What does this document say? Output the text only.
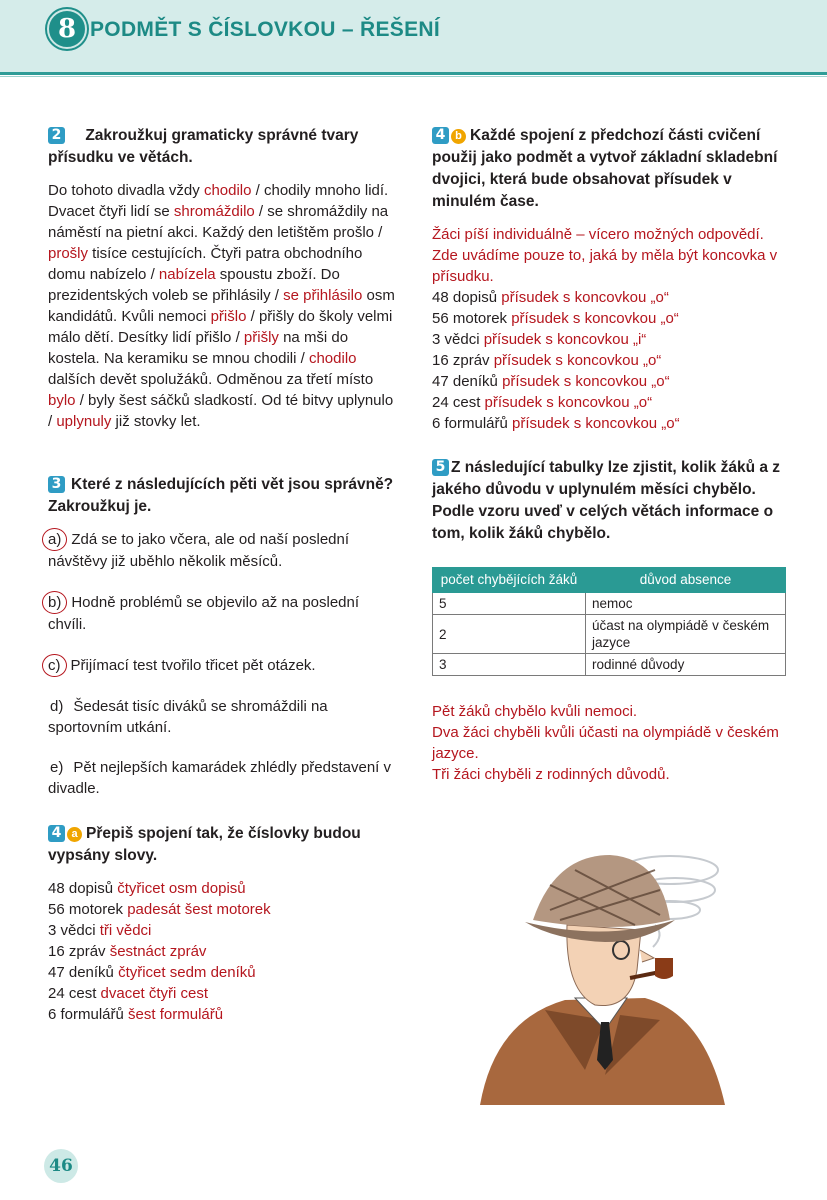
8 PODMĚT S ČÍSLOVKOU – ŘEŠENÍ
2 Zakroužkuj gramaticky správné tvary přísudku ve větách.
Do tohoto divadla vždy chodilo / chodily mnoho lidí. Dvacet čtyři lidí se shromáždilo / se shromáždily na náměstí na pietní akci. Každý den letištěm prošlo / prošly tisíce cestujících. Čtyři patra obchodního domu nabízelo / nabízela spoustu zboží. Do prezidentských voleb se přihlásily / se přihlásilo osm kandidátů. Kvůli nemoci přišlo / přišly do školy velmi málo dětí. Desítky lidí přišlo / přišly na mši do kostela. Na keramiku se mnou chodili / chodilo dalších devět spolužáků. Odměnou za třetí místo bylo / byly šest sáčků sladkostí. Od té bitvy uplynulo / uplynuly již stovky let.
3 Které z následujících pěti vět jsou správně? Zakroužkuj je.
a) Zdá se to jako včera, ale od naší poslední návštěvy již uběhlo několik měsíců.
b) Hodně problémů se objevilo až na poslední chvíli.
c) Přijímací test tvořilo třicet pět otázek.
d) Šedesát tisíc diváků se shromáždili na sportovním utkání.
e) Pět nejlepších kamarádek zhlédly představení v divadle.
4 a Přepiš spojení tak, že číslovky budou vypsány slovy.
48 dopisů čtyřicet osm dopisů
56 motorek padesát šest motorek
3 vědci tři vědci
16 zpráv šestnáct zpráv
47 deníků čtyřicet sedm deníků
24 cest dvacet čtyři cest
6 formulářů šest formulářů
4 b Každé spojení z předchozí části cvičení použij jako podmět a vytvoř základní skladební dvojici, která bude obsahovat přísudek v minulém čase.
Žáci píší individuálně – vícero možných odpovědí. Zde uvádíme pouze to, jaká by měla být koncovka v přísudku.
48 dopisů přísudek s koncovkou „o“
56 motorek přísudek s koncovkou „o“
3 vědci přísudek s koncovkou „i“
16 zpráv přísudek s koncovkou „o“
47 deníků přísudek s koncovkou „o“
24 cest přísudek s koncovkou „o“
6 formulářů přísudek s koncovkou „o“
5 Z následující tabulky lze zjistit, kolik žáků a z jakého důvodu v uplynulém měsíci chybělo. Podle vzoru uveď v celých větách informace o tom, kolik žáků chybělo.
počet chybějících žáků	důvod absence
5	nemoc
2	účast na olympiádě v českém jazyce
3	rodinné důvody
Pět žáků chybělo kvůli nemoci.
Dva žáci chyběli kvůli účasti na olympiádě v českém jazyce.
Tři žáci chyběli z rodinných důvodů.
46
